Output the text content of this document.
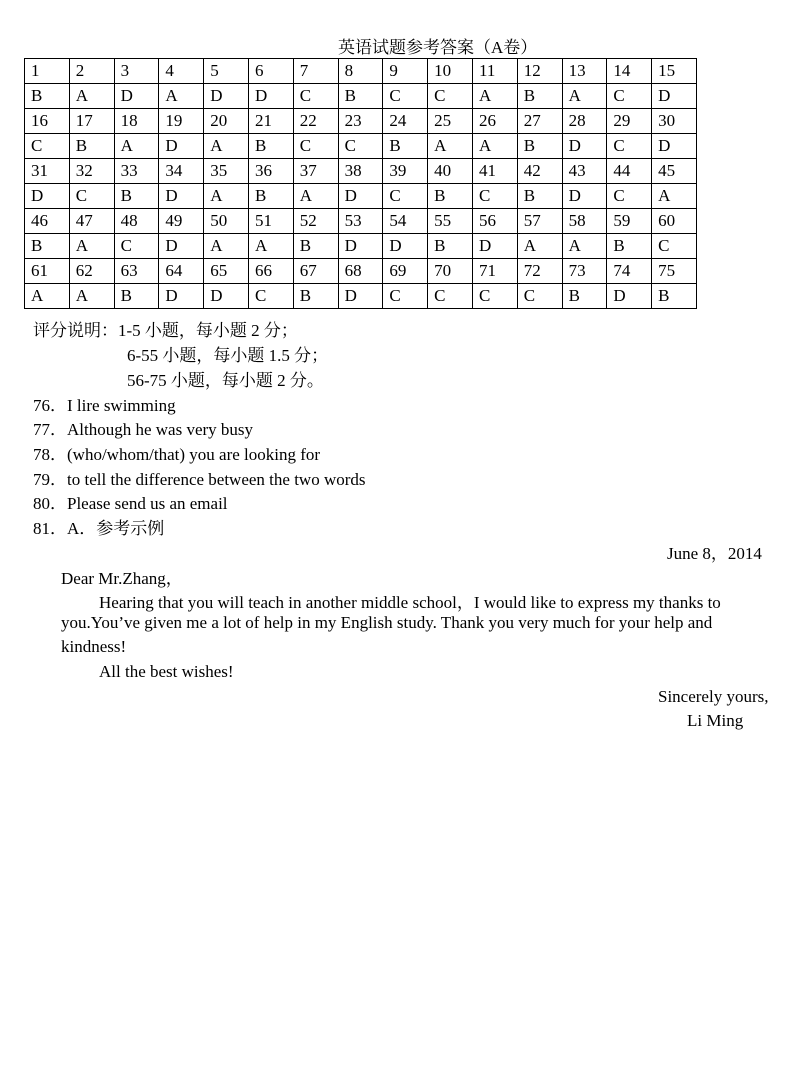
英语试题参考答案（A卷）
1	2	3	4	5	6	7	8	9	10	11	12	13	14	15
B	A	D	A	D	D	C	B	C	C	A	B	A	C	D
16	17	18	19	20	21	22	23	24	25	26	27	28	29	30
C	B	A	D	A	B	C	C	B	A	A	B	D	C	D
31	32	33	34	35	36	37	38	39	40	41	42	43	44	45
D	C	B	D	A	B	A	D	C	B	C	B	D	C	A
46	47	48	49	50	51	52	53	54	55	56	57	58	59	60
B	A	C	D	A	A	B	D	D	B	D	A	A	B	C
61	62	63	64	65	66	67	68	69	70	71	72	73	74	75
A	A	B	D	D	C	B	D	C	C	C	C	B	D	B
评分说明：1-5 小题，每小题 2 分；
6-55 小题，每小题 1.5 分；
56-75 小题，每小题 2 分。
76．I lire swimming
77．Although he was very busy
78．(who/whom/that) you are looking for
79．to tell the difference between the two words
80．Please send us an email
81．A．参考示例
June 8，2014
Dear Mr.Zhang，
Hearing that you will teach in another middle school，I would like to express my thanks to
you.You’ve given me a lot of help in my English study. Thank you very much for your help and
kindness!
All the best wishes!
Sincerely yours,
Li Ming
